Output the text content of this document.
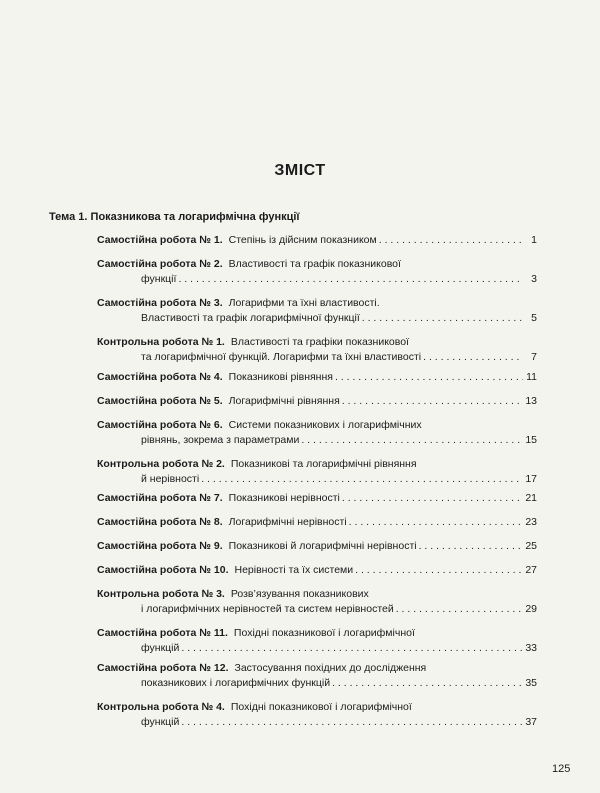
ЗМІСТ
Тема 1. Показникова та логарифмічна функції
Самостійна робота № 1. Степінь із дійсним показником . . .	1
Самостійна робота № 2. Властивості та графік показникової
функції . . .	3
Самостійна робота № 3. Логарифми та їхні властивості.
Властивості та графік логарифмічної функції . . .	5
Контрольна робота № 1. Властивості та графіки показникової
та логарифмічної функцій. Логарифми та їхні властивості . . .	7
Самостійна робота № 4. Показникові рівняння . . .	11
Самостійна робота № 5. Логарифмічні рівняння . . .	13
Самостійна робота № 6. Системи показникових і логарифмічних
рівнянь, зокрема з параметрами . . .	15
Контрольна робота № 2. Показникові та логарифмічні рівняння
й нерівності . . .	17
Самостійна робота № 7. Показникові нерівності . . .	21
Самостійна робота № 8. Логарифмічні нерівності . . .	23
Самостійна робота № 9. Показникові й логарифмічні нерівності . . .	25
Самостійна робота № 10. Нерівності та їх системи . . .	27
Контрольна робота № 3. Розв’язування показникових
і логарифмічних нерівностей та систем нерівностей . . .	29
Самостійна робота № 11. Похідні показникової і логарифмічної
функцій . . .	33
Самостійна робота № 12. Застосування похідних до дослідження
показникових і логарифмічних функцій . . .	35
Контрольна робота № 4. Похідні показникової і логарифмічної
функцій . . .	37
125
